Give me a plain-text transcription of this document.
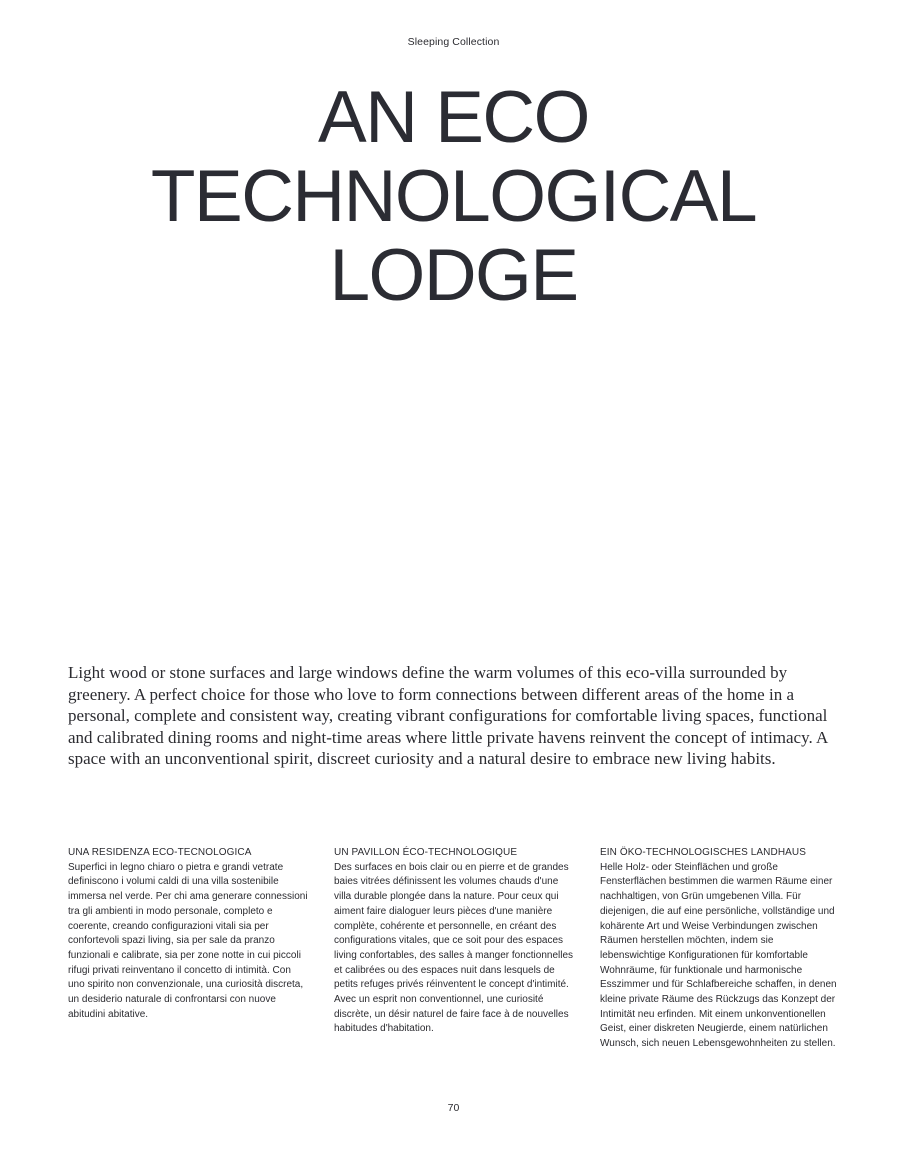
Sleeping Collection
AN ECO
TECHNOLOGICAL
LODGE

Light wood or stone surfaces and large windows define the warm volumes of this eco-villa surrounded by greenery. A perfect choice for those who love to form connections between different areas of the home in a personal, complete and consistent way, creating vibrant configurations for comfortable living spaces, functional and calibrated dining rooms and night-time areas where little private havens reinvent the concept of intimacy. A space with an unconventional spirit, discreet curiosity and a natural desire to embrace new living habits.

UNA RESIDENZA ECO-TECNOLOGICA
Superfici in legno chiaro o pietra e grandi vetrate definiscono i volumi caldi di una villa sostenibile immersa nel verde. Per chi ama generare connessioni tra gli ambienti in modo personale, completo e coerente, creando configurazioni vitali sia per confortevoli spazi living, sia per sale da pranzo funzionali e calibrate, sia per zone notte in cui piccoli rifugi privati reinventano il concetto di intimità. Con uno spirito non convenzionale, una curiosità discreta, un desiderio naturale di confrontarsi con nuove abitudini abitative.
UN PAVILLON ÉCO-TECHNOLOGIQUE
Des surfaces en bois clair ou en pierre et de grandes baies vitrées définissent les volumes chauds d'une villa durable plongée dans la nature. Pour ceux qui aiment faire dialoguer leurs pièces d'une manière complète, cohérente et personnelle, en créant des configurations vitales, que ce soit pour des espaces living confortables, des salles à manger fonctionnelles et calibrées ou des espaces nuit dans lesquels de petits refuges privés réinventent le concept d'intimité. Avec un esprit non conventionnel, une curiosité discrète, un désir naturel de faire face à de nouvelles habitudes d'habitation.
EIN ÖKO-TECHNOLOGISCHES LANDHAUS
Helle Holz- oder Steinflächen und große Fensterflächen bestimmen die warmen Räume einer nachhaltigen, von Grün umgebenen Villa. Für diejenigen, die auf eine persönliche, vollständige und kohärente Art und Weise Verbindungen zwischen Räumen herstellen möchten, indem sie lebenswichtige Konfigurationen für komfortable Wohnräume, für funktionale und harmonische Esszimmer und für Schlafbereiche schaffen, in denen kleine private Räume des Rückzugs das Konzept der Intimität neu erfinden. Mit einem unkonventionellen Geist, einer diskreten Neugierde, einem natürlichen Wunsch, sich neuen Lebensgewohnheiten zu stellen.
70
